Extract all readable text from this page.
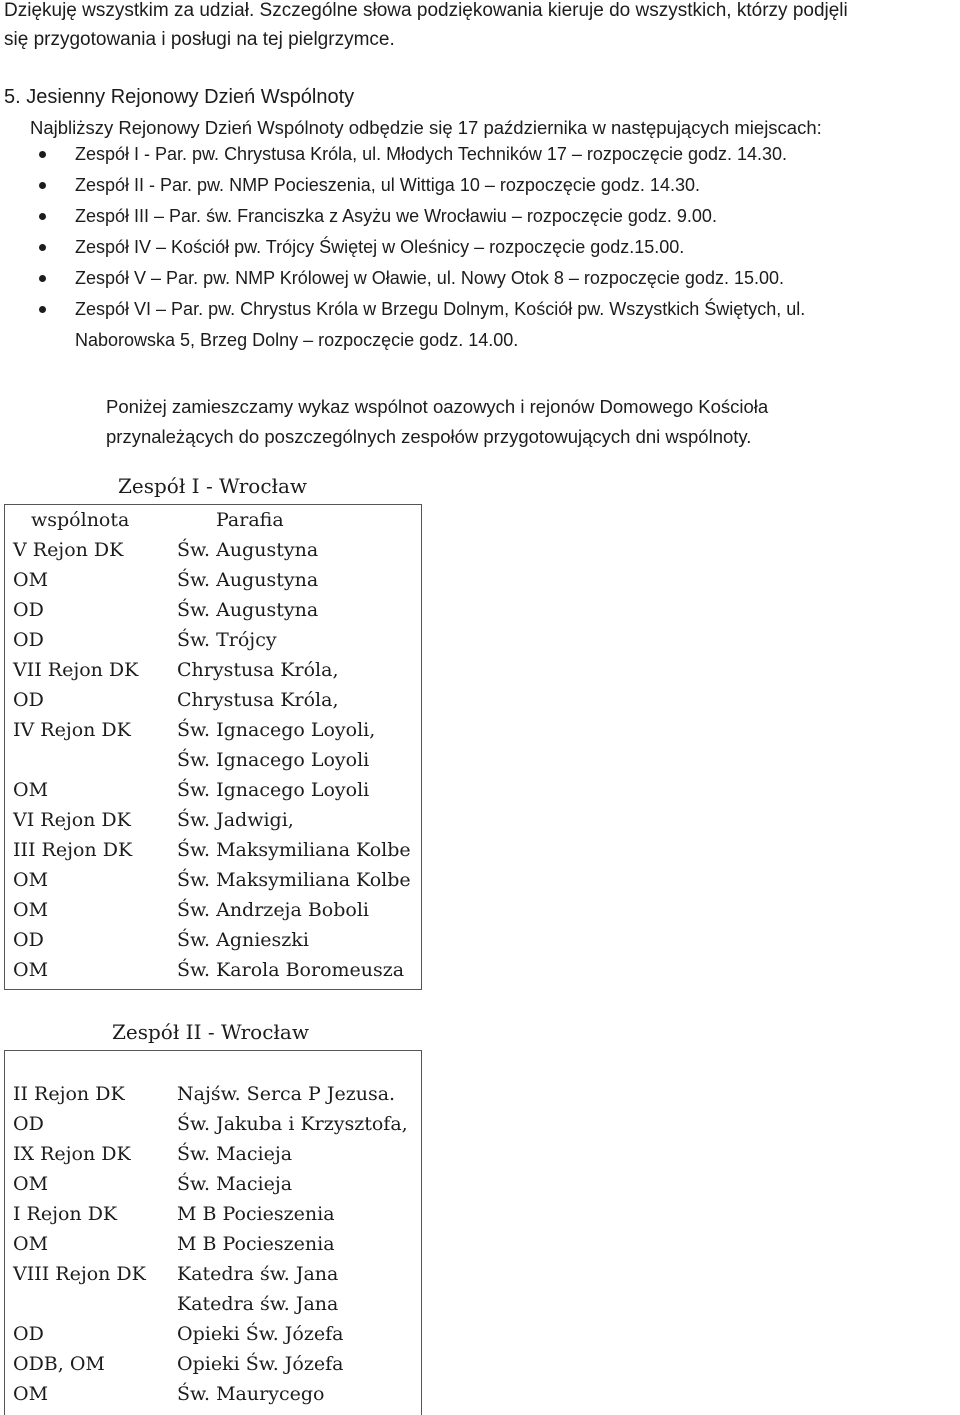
Dziękuję wszystkim za udział. Szczególne słowa podziękowania kieruje do wszystkich, którzy podjęli
się przygotowania i posługi na tej pielgrzymce.
5. Jesienny Rejonowy Dzień Wspólnoty
Najbliższy Rejonowy Dzień Wspólnoty odbędzie się 17 października w następujących miejscach:
Zespół I - Par. pw. Chrystusa Króla, ul. Młodych Techników 17 – rozpoczęcie godz. 14.30.
Zespół II - Par. pw. NMP Pocieszenia, ul Wittiga 10 – rozpoczęcie godz. 14.30.
Zespół III – Par. św. Franciszka z Asyżu we Wrocławiu – rozpoczęcie godz. 9.00.
Zespół IV – Kościół pw. Trójcy Świętej w Oleśnicy – rozpoczęcie godz.15.00.
Zespół V – Par. pw. NMP Królowej w Oławie, ul. Nowy Otok 8 – rozpoczęcie godz. 15.00.
Zespół VI – Par. pw. Chrystus Króla w Brzegu Dolnym, Kościół pw. Wszystkich Świętych, ul.
Naborowska 5, Brzeg Dolny – rozpoczęcie godz. 14.00.
Poniżej zamieszczamy wykaz wspólnot oazowych i rejonów Domowego Kościoła
przynależących do poszczególnych zespołów przygotowujących dni wspólnoty.
Zespół I - Wrocław
wspólnota	Parafia
V Rejon DK	Św. Augustyna
OM	Św. Augustyna
OD	Św. Augustyna
OD	Św. Trójcy
VII Rejon DK Chrystusa Króla,
OD	Chrystusa Króla,
IV Rejon DK Św. Ignacego Loyoli,
Św. Ignacego Loyoli
OM	Św. Ignacego Loyoli
VI Rejon DK Św. Jadwigi,
III Rejon DK Św. Maksymiliana Kolbe
OM	Św. Maksymiliana Kolbe
OM	Św. Andrzeja Boboli
OD	Św. Agnieszki
OM	Św. Karola Boromeusza
Zespół II - Wrocław
II Rejon DK	Najśw. Serca P Jezusa.
OD	Św. Jakuba i Krzysztofa,
IX Rejon DK Św. Macieja
OM	Św. Macieja
I Rejon DK	M B Pocieszenia
OM	M B Pocieszenia
VIII Rejon DK Katedra św. Jana
Katedra św. Jana
OD	Opieki Św. Józefa
ODB, OM	Opieki Św. Józefa
OM	Św. Maurycego
